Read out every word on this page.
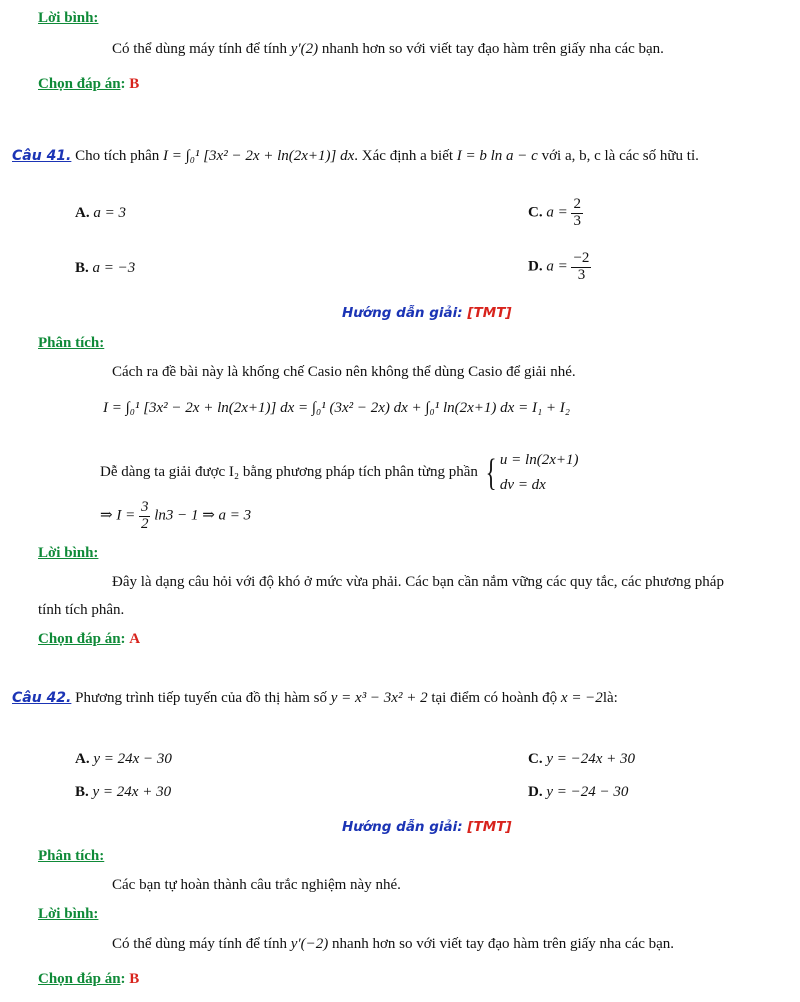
Lời bình:
Có thể dùng máy tính để tính y′(2) nhanh hơn so với viết tay đạo hàm trên giấy nha các bạn.
Chọn đáp án: B
Câu 41. Cho tích phân I = ∫₀¹ [3x² − 2x + ln(2x+1)] dx. Xác định a biết I = b ln a − c với a, b, c là các số hữu tỉ.
A. a = 3	C. $a = \frac{2}{3}$
B. a = −3	D. $a = \frac{-2}{3}$
Hướng dẫn giải: [TMT]
Phân tích:
Cách ra đề bài này là khống chế Casio nên không thể dùng Casio để giải nhé.
I = ∫₀¹ [3x² − 2x + ln(2x+1)] dx = ∫₀¹ (3x² − 2x) dx + ∫₀¹ ln(2x+1) dx = I₁ + I₂
Dễ dàng ta giải được I₂ bằng phương pháp tích phân từng phần { u = ln(2x+1)
dv = dx
⇒ $I = \frac{3}{2} \ln 3 - 1$ ⇒ a = 3
Lời bình:
Đây là dạng câu hỏi với độ khó ở mức vừa phải. Các bạn cần nắm vững các quy tắc, các phương pháp
tính tích phân.
Chọn đáp án: A
Câu 42. Phương trình tiếp tuyến của đồ thị hàm số y = x³ − 3x² + 2 tại điểm có hoành độ x = −2là:
A. y = 24x − 30	C. y = −24x + 30
B. y = 24x + 30	D. y = −24 − 30
Hướng dẫn giải: [TMT]
Phân tích:
Các bạn tự hoàn thành câu trắc nghiệm này nhé.
Lời bình:
Có thể dùng máy tính để tính y′(−2) nhanh hơn so với viết tay đạo hàm trên giấy nha các bạn.
Chọn đáp án: B
